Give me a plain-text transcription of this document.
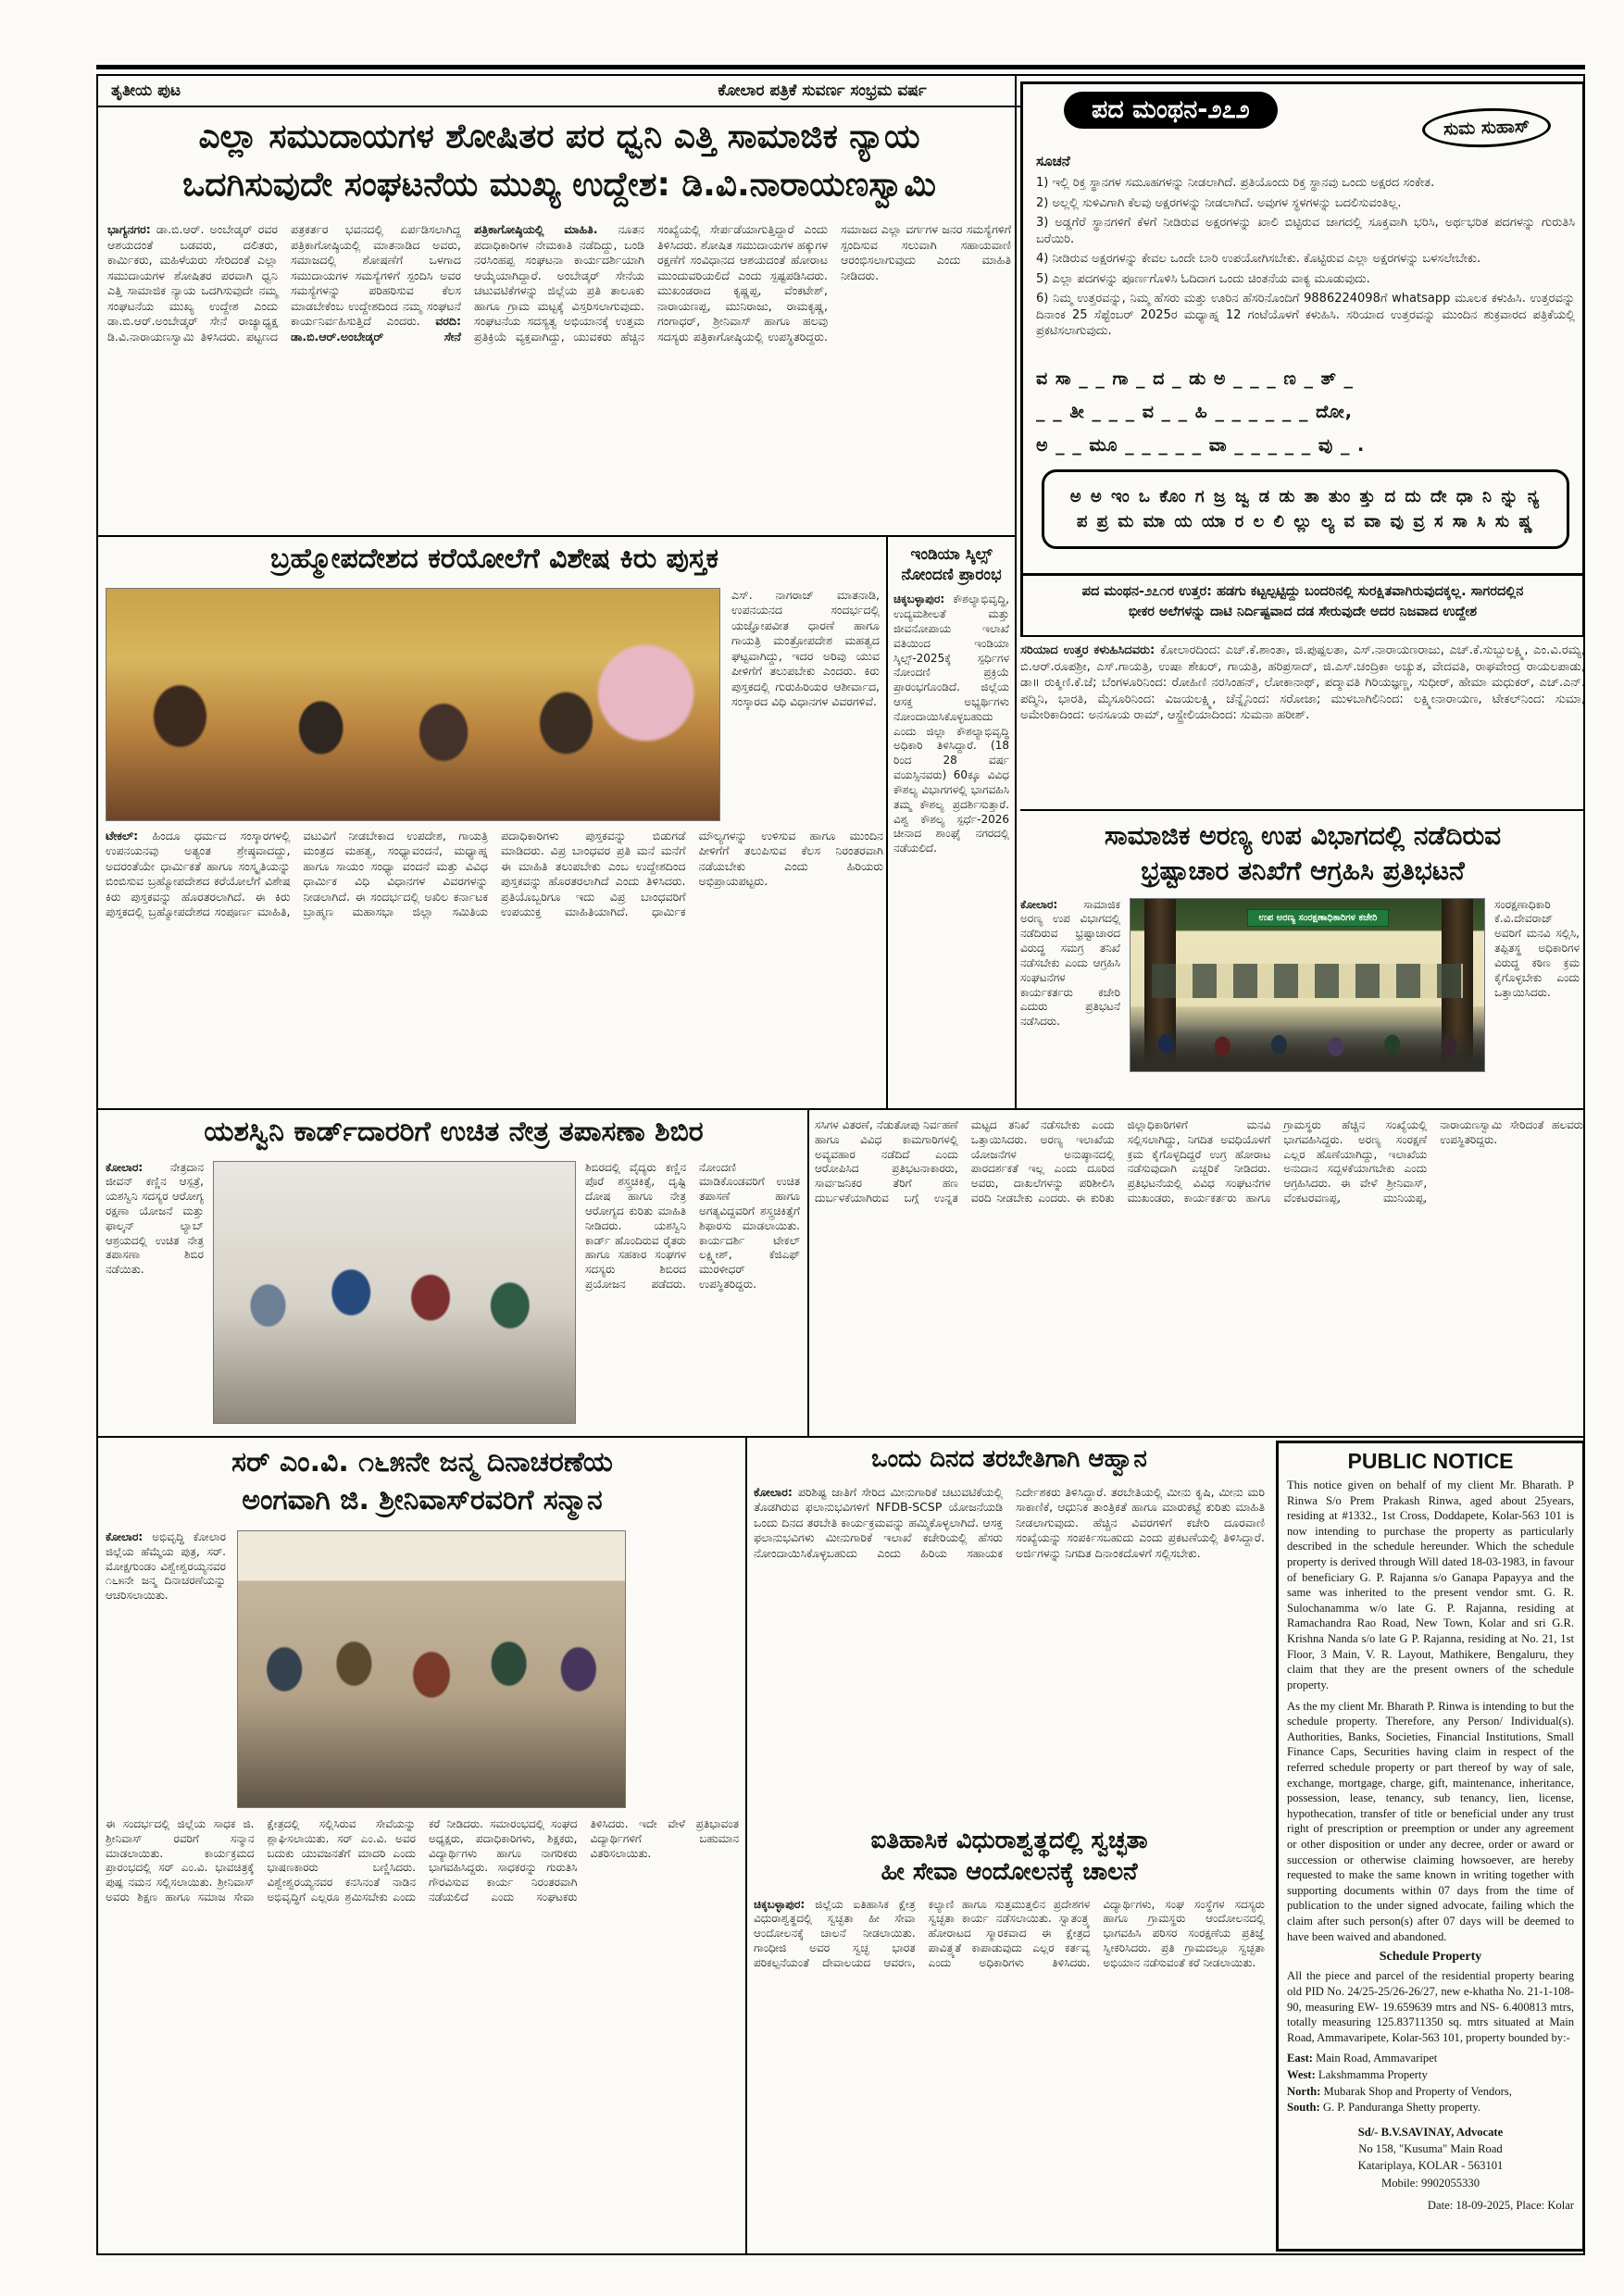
ತೃತೀಯ ಪುಟ	ಕೋಲಾರ ಪತ್ರಿಕೆ ಸುವರ್ಣ ಸಂಭ್ರಮ ವರ್ಷ
ಎಲ್ಲಾ ಸಮುದಾಯಗಳ ಶೋಷಿತರ ಪರ ಧ್ವನಿ ಎತ್ತಿ ಸಾಮಾಜಿಕ ನ್ಯಾಯ
ಒದಗಿಸುವುದೇ ಸಂಘಟನೆಯ ಮುಖ್ಯ ಉದ್ದೇಶ: ಡಿ.ವಿ.ನಾರಾಯಣಸ್ವಾಮಿ
ಭಾಗ್ಯನಗರ: ಡಾ.ಬಿ.ಆರ್. ಅಂಬೇಡ್ಕರ್ ರವರ ಆಶಯದಂತೆ ಬಡವರು, ದಲಿತರು, ಕಾರ್ಮಿಕರು, ಮಹಿಳೆಯರು ಸೇರಿದಂತೆ ಎಲ್ಲಾ ಸಮುದಾಯಗಳ ಶೋಷಿತರ ಪರವಾಗಿ ಧ್ವನಿ ಎತ್ತಿ ಸಾಮಾಜಿಕ ನ್ಯಾಯ ಒದಗಿಸುವುದೇ ನಮ್ಮ ಸಂಘಟನೆಯ ಮುಖ್ಯ ಉದ್ದೇಶ ಎಂದು ಡಾ.ಬಿ.ಆರ್.ಅಂಬೇಡ್ಕರ್ ಸೇನೆ ರಾಜ್ಯಾಧ್ಯಕ್ಷ ಡಿ.ವಿ.ನಾರಾಯಣಸ್ವಾಮಿ ತಿಳಿಸಿದರು. ಪಟ್ಟಣದ ಪತ್ರಕರ್ತರ ಭವನದಲ್ಲಿ ಏರ್ಪಡಿಸಲಾಗಿದ್ದ ಪತ್ರಿಕಾಗೋಷ್ಠಿಯಲ್ಲಿ ಮಾತನಾಡಿದ ಅವರು, ಸಮಾಜದಲ್ಲಿ ಶೋಷಣೆಗೆ ಒಳಗಾದ ಸಮುದಾಯಗಳ ಸಮಸ್ಯೆಗಳಿಗೆ ಸ್ಪಂದಿಸಿ ಅವರ ಸಮಸ್ಯೆಗಳನ್ನು ಪರಿಹರಿಸುವ ಕೆಲಸ ಮಾಡಬೇಕೆಂಬ ಉದ್ದೇಶದಿಂದ ನಮ್ಮ ಸಂಘಟನೆ ಕಾರ್ಯನಿರ್ವಹಿಸುತ್ತಿದೆ ಎಂದರು. ವರದಿ: ಡಾ.ಬಿ.ಆರ್.ಅಂಬೇಡ್ಕರ್ ಸೇನೆ ಪತ್ರಿಕಾಗೋಷ್ಠಿಯಲ್ಲಿ ಮಾಹಿತಿ. ನೂತನ ಪದಾಧಿಕಾರಿಗಳ ನೇಮಕಾತಿ ನಡೆದಿದ್ದು, ಬಂಡಿ ನರಸಿಂಹಪ್ಪ ಸಂಘಟನಾ ಕಾರ್ಯದರ್ಶಿಯಾಗಿ ಆಯ್ಕೆಯಾಗಿದ್ದಾರೆ. ಅಂಬೇಡ್ಕರ್ ಸೇನೆಯ ಚಟುವಟಿಕೆಗಳನ್ನು ಜಿಲ್ಲೆಯ ಪ್ರತಿ ತಾಲೂಕು ಹಾಗೂ ಗ್ರಾಮ ಮಟ್ಟಕ್ಕೆ ವಿಸ್ತರಿಸಲಾಗುವುದು. ಸಂಘಟನೆಯ ಸದಸ್ಯತ್ವ ಅಭಿಯಾನಕ್ಕೆ ಉತ್ತಮ ಪ್ರತಿಕ್ರಿಯೆ ವ್ಯಕ್ತವಾಗಿದ್ದು, ಯುವಕರು ಹೆಚ್ಚಿನ ಸಂಖ್ಯೆಯಲ್ಲಿ ಸೇರ್ಪಡೆಯಾಗುತ್ತಿದ್ದಾರೆ ಎಂದು ತಿಳಿಸಿದರು. ಶೋಷಿತ ಸಮುದಾಯಗಳ ಹಕ್ಕುಗಳ ರಕ್ಷಣೆಗೆ ಸಂವಿಧಾನದ ಆಶಯದಂತೆ ಹೋರಾಟ ಮುಂದುವರಿಯಲಿದೆ ಎಂದು ಸ್ಪಷ್ಟಪಡಿಸಿದರು. ಮುಖಂಡರಾದ ಕೃಷ್ಣಪ್ಪ, ವೆಂಕಟೇಶ್, ನಾರಾಯಣಪ್ಪ, ಮುನಿರಾಜು, ರಾಮಕೃಷ್ಣ, ಗಂಗಾಧರ್, ಶ್ರೀನಿವಾಸ್ ಹಾಗೂ ಹಲವು ಸದಸ್ಯರು ಪತ್ರಿಕಾಗೋಷ್ಠಿಯಲ್ಲಿ ಉಪಸ್ಥಿತರಿದ್ದರು. ಸಮಾಜದ ಎಲ್ಲಾ ವರ್ಗಗಳ ಜನರ ಸಮಸ್ಯೆಗಳಿಗೆ ಸ್ಪಂದಿಸುವ ಸಲುವಾಗಿ ಸಹಾಯವಾಣಿ ಆರಂಭಿಸಲಾಗುವುದು ಎಂದು ಮಾಹಿತಿ ನೀಡಿದರು.
ಪದ ಮಂಥನ-೨೭೨
ಸುಮ ಸುಹಾಸ್
ಸೂಚನೆ
1) ಇಲ್ಲಿ ರಿಕ್ತ ಸ್ಥಾನಗಳ ಸಮೂಹಗಳನ್ನು ನೀಡಲಾಗಿದೆ. ಪ್ರತಿಯೊಂದು ರಿಕ್ತ ಸ್ಥಾನವು ಒಂದು ಅಕ್ಷರದ ಸಂಕೇತ.
2) ಅಲ್ಲಲ್ಲಿ ಸುಳಿವಿಗಾಗಿ ಕೆಲವು ಅಕ್ಷರಗಳನ್ನು ನೀಡಲಾಗಿದೆ. ಅವುಗಳ ಸ್ಥಳಗಳನ್ನು ಬದಲಿಸುವಂತಿಲ್ಲ.
3) ಅಡ್ಡಗೆರೆ ಸ್ಥಾನಗಳಿಗೆ ಕೆಳಗೆ ನೀಡಿರುವ ಅಕ್ಷರಗಳನ್ನು ಖಾಲಿ ಬಿಟ್ಟಿರುವ ಜಾಗದಲ್ಲಿ ಸೂಕ್ತವಾಗಿ ಭರಿಸಿ, ಅರ್ಥಭರಿತ ಪದಗಳನ್ನು ಗುರುತಿಸಿ ಬರೆಯಿರಿ.
4) ನೀಡಿರುವ ಅಕ್ಷರಗಳನ್ನು ಕೇವಲ ಒಂದೇ ಬಾರಿ ಉಪಯೋಗಿಸಬೇಕು. ಕೊಟ್ಟಿರುವ ಎಲ್ಲಾ ಅಕ್ಷರಗಳನ್ನು ಬಳಸಲೇಬೇಕು.
5) ಎಲ್ಲಾ ಪದಗಳನ್ನು ಪೂರ್ಣಗೊಳಿಸಿ ಓದಿದಾಗ ಒಂದು ಚಿಂತನೆಯ ವಾಕ್ಯ ಮೂಡುವುದು.
6) ನಿಮ್ಮ ಉತ್ತರವನ್ನು, ನಿಮ್ಮ ಹೆಸರು ಮತ್ತು ಊರಿನ ಹೆಸರಿನೊಂದಿಗೆ 9886224098ಗೆ whatsapp ಮೂಲಕ ಕಳುಹಿಸಿ. ಉತ್ತರವನ್ನು ದಿನಾಂಕ 25 ಸೆಪ್ಟೆಂಬರ್ 2025ರ ಮಧ್ಯಾಹ್ನ 12 ಗಂಟೆಯೊಳಗೆ ಕಳುಹಿಸಿ. ಸರಿಯಾದ ಉತ್ತರವನ್ನು ಮುಂದಿನ ಶುಕ್ರವಾರದ ಪತ್ರಿಕೆಯಲ್ಲಿ ಪ್ರಕಟಿಸಲಾಗುವುದು.
ವ ಸಾ _ _ ಗಾ _ ದ _ ಡು ಅ _ _ _ ಣ _ ತ್ _
_ _ ತೀ _ _ _ ವ _ _ ಹಿ _ _ _ _ _ _ ದೋ,
ಅ _ _ ಮೂ _ _ _ _ _ ವಾ _ _ _ _ _ ವು _ .
ಅ ಅ ಇಂ ಒ ಕೊಂ ಗ ಜ್ರ ಜ್ವ ಡ ಡು ತಾ ತುಂ ತ್ತು ದ ದು ದೇ ಧಾ ನಿ ನ್ನು ನ್ಯ
ಪ ಪ್ರ ಮ ಮಾ ಯ ಯಾ ರ ಲ ಲಿ ಲ್ಲು ಲ್ಯ ವ ವಾ ವು ವ್ರ ಸ ಸಾ ಸಿ ಸು ಷ್ಣ
ಪದ ಮಂಥನ-೨೭೧ರ ಉತ್ತರ: ಹಡಗು ಕಟ್ಟಲ್ಪಟ್ಟಿದ್ದು ಬಂದರಿನಲ್ಲಿ ಸುರಕ್ಷಿತವಾಗಿರುವುದಕ್ಕಲ್ಲ. ಸಾಗರದಲ್ಲಿನ
ಭೀಕರ ಅಲೆಗಳನ್ನು ದಾಟಿ ನಿರ್ದಿಷ್ಟವಾದ ದಡ ಸೇರುವುದೇ ಅದರ ನಿಜವಾದ ಉದ್ದೇಶ
ಸರಿಯಾದ ಉತ್ತರ ಕಳುಹಿಸಿದವರು: ಕೋಲಾರದಿಂದ: ಎಚ್.ಕೆ.ಶಾಂತಾ, ಜಿ.ಪುಷ್ಪಲತಾ, ಎಸ್.ನಾರಾಯಣರಾಜು, ಎಚ್.ಕೆ.ಸುಬ್ಬುಲಕ್ಷ್ಮಿ, ಎಂ.ವಿ.ರಮ್ಯ, ಬಿ.ಆರ್.ರೂಪಶ್ರೀ, ಎಸ್.ಗಾಯತ್ರಿ, ಉಷಾ ಶೇಖರ್, ಗಾಯತ್ರಿ, ಹರಿಪ್ರಸಾದ್, ಜಿ.ಎಸ್.ಚಂದ್ರಿಕಾ ಅಚ್ಯುತ, ವೇದವತಿ, ರಾಘವೇಂದ್ರ ರಾಯಲಪಾಡು, ಡಾ॥ ರುಕ್ಮಿಣಿ.ಕೆ.ಜೆ; ಬೆಂಗಳೂರಿನಿಂದ: ರೋಹಿಣಿ ನರಸಿಂಹನ್, ಲೋಕಾನಾಥ್, ಪದ್ಮಾವತಿ ಗಿರಿಯಜ್ಞಣ್ಣ, ಸುಧೀರ್, ಹೇಮಾ ಮಧುಕರ್, ಎಚ್.ಎನ್. ಪದ್ಮಿನಿ, ಭಾರತಿ, ಮೈಸೂರಿನಿಂದ: ವಿಜಯಲಕ್ಷ್ಮಿ, ಚೆನ್ನೈನಿಂದ: ಸರೋಜಾ; ಮುಳಬಾಗಿಲಿನಿಂದ: ಲಕ್ಷ್ಮೀನಾರಾಯಣ, ಟೇಕಲ್‌ನಿಂದ: ಸುಮಾ, ಅಮೇರಿಕಾದಿಂದ: ಅನಸೂಯ ರಾಮ್, ಆಸ್ಟ್ರೇಲಿಯಾದಿಂದ: ಸುಮನಾ ಹರೀಶ್.
ಬ್ರಹ್ಮೋಪದೇಶದ ಕರೆಯೋಲೆಗೆ ವಿಶೇಷ ಕಿರು ಪುಸ್ತಕ
ಎಸ್. ನಾಗರಾಜ್ ಮಾತನಾಡಿ, ಉಪನಯನದ ಸಂದರ್ಭದಲ್ಲಿ ಯಜ್ಞೋಪವೀತ ಧಾರಣೆ ಹಾಗೂ ಗಾಯತ್ರಿ ಮಂತ್ರೋಪದೇಶ ಮಹತ್ವದ ಘಟ್ಟವಾಗಿದ್ದು, ಇದರ ಅರಿವು ಯುವ ಪೀಳಿಗೆಗೆ ತಲುಪಬೇಕು ಎಂದರು. ಕಿರು ಪುಸ್ತಕದಲ್ಲಿ ಗುರುಹಿರಿಯರ ಆಶೀರ್ವಾದ, ಸಂಸ್ಕಾರದ ವಿಧಿ ವಿಧಾನಗಳ ವಿವರಗಳಿವೆ.
ಟೇಕಲ್: ಹಿಂದೂ ಧರ್ಮದ ಸಂಸ್ಕಾರಗಳಲ್ಲಿ ಉಪನಯನವು ಅತ್ಯಂತ ಶ್ರೇಷ್ಠವಾದದ್ದು, ಅದರಂತೆಯೇ ಧಾರ್ಮಿಕತೆ ಹಾಗೂ ಸಂಸ್ಕೃತಿಯನ್ನು ಬಿಂಬಿಸುವ ಬ್ರಹ್ಮೋಪದೇಶದ ಕರೆಯೋಲೆಗೆ ವಿಶೇಷ ಕಿರು ಪುಸ್ತಕವನ್ನು ಹೊರತರಲಾಗಿದೆ. ಈ ಕಿರು ಪುಸ್ತಕದಲ್ಲಿ ಬ್ರಹ್ಮೋಪದೇಶದ ಸಂಪೂರ್ಣ ಮಾಹಿತಿ, ವಟುವಿಗೆ ನೀಡಬೇಕಾದ ಉಪದೇಶ, ಗಾಯತ್ರಿ ಮಂತ್ರದ ಮಹತ್ವ, ಸಂಧ್ಯಾವಂದನೆ, ಮಧ್ಯಾಹ್ನ ಹಾಗೂ ಸಾಯಂ ಸಂಧ್ಯಾ ವಂದನೆ ಮತ್ತು ವಿವಿಧ ಧಾರ್ಮಿಕ ವಿಧಿ ವಿಧಾನಗಳ ವಿವರಗಳನ್ನು ನೀಡಲಾಗಿದೆ. ಈ ಸಂದರ್ಭದಲ್ಲಿ ಅಖಿಲ ಕರ್ನಾಟಕ ಬ್ರಾಹ್ಮಣ ಮಹಾಸಭಾ ಜಿಲ್ಲಾ ಸಮಿತಿಯ ಪದಾಧಿಕಾರಿಗಳು ಪುಸ್ತಕವನ್ನು ಬಿಡುಗಡೆ ಮಾಡಿದರು. ವಿಪ್ರ ಬಾಂಧವರ ಪ್ರತಿ ಮನೆ ಮನೆಗೆ ಈ ಮಾಹಿತಿ ತಲುಪಬೇಕು ಎಂಬ ಉದ್ದೇಶದಿಂದ ಪುಸ್ತಕವನ್ನು ಹೊರತರಲಾಗಿದೆ ಎಂದು ತಿಳಿಸಿದರು. ಪ್ರತಿಯೊಬ್ಬರಿಗೂ ಇದು ವಿಪ್ರ ಬಾಂಧವರಿಗೆ ಉಪಯುಕ್ತ ಮಾಹಿತಿಯಾಗಿದೆ. ಧಾರ್ಮಿಕ ಮೌಲ್ಯಗಳನ್ನು ಉಳಿಸುವ ಹಾಗೂ ಮುಂದಿನ ಪೀಳಿಗೆಗೆ ತಲುಪಿಸುವ ಕೆಲಸ ನಿರಂತರವಾಗಿ ನಡೆಯಬೇಕು ಎಂದು ಹಿರಿಯರು ಅಭಿಪ್ರಾಯಪಟ್ಟರು.
ಇಂಡಿಯಾ ಸ್ಕಿಲ್ಸ್
ನೋಂದಣಿ ಪ್ರಾರಂಭ
ಚಿಕ್ಕಬಳ್ಳಾಪುರ: ಕೌಶಲ್ಯಾಭಿವೃದ್ಧಿ, ಉದ್ಯಮಶೀಲತೆ ಮತ್ತು ಜೀವನೋಪಾಯ ಇಲಾಖೆ ವತಿಯಿಂದ ಇಂಡಿಯಾ ಸ್ಕಿಲ್ಸ್-2025ಕ್ಕೆ ಸ್ಪರ್ಧಿಗಳ ನೋಂದಣಿ ಪ್ರಕ್ರಿಯೆ ಪ್ರಾರಂಭಗೊಂಡಿದೆ. ಜಿಲ್ಲೆಯ ಆಸಕ್ತ ಅಭ್ಯರ್ಥಿಗಳು ನೋಂದಾಯಿಸಿಕೊಳ್ಳಬಹುದು ಎಂದು ಜಿಲ್ಲಾ ಕೌಶಲ್ಯಾಭಿವೃದ್ಧಿ ಅಧಿಕಾರಿ ತಿಳಿಸಿದ್ದಾರೆ. (18 ರಿಂದ 28 ವರ್ಷ ವಯಸ್ಸಿನವರು) 60ಕ್ಕೂ ವಿವಿಧ ಕೌಶಲ್ಯ ವಿಭಾಗಗಳಲ್ಲಿ ಭಾಗವಹಿಸಿ ತಮ್ಮ ಕೌಶಲ್ಯ ಪ್ರದರ್ಶಿಸುತ್ತಾರೆ. ವಿಶ್ವ ಕೌಶಲ್ಯ ಸ್ಪರ್ಧೆ-2026 ಚೀನಾದ ಶಾಂಘೈ ನಗರದಲ್ಲಿ ನಡೆಯಲಿದೆ.	ಸಾಮಾಜಿಕ ಅರಣ್ಯ ಉಪ ವಿಭಾಗದಲ್ಲಿ ನಡೆದಿರುವ
ಭ್ರಷ್ಟಾಚಾರ ತನಿಖೆಗೆ ಆಗ್ರಹಿಸಿ ಪ್ರತಿಭಟನೆ
ಕೋಲಾರ: ಸಾಮಾಜಿಕ ಅರಣ್ಯ ಉಪ ವಿಭಾಗದಲ್ಲಿ ನಡೆದಿರುವ ಭ್ರಷ್ಟಾಚಾರದ ವಿರುದ್ಧ ಸಮಗ್ರ ತನಿಖೆ ನಡೆಸಬೇಕು ಎಂದು ಆಗ್ರಹಿಸಿ ಸಂಘಟನೆಗಳ ಕಾರ್ಯಕರ್ತರು ಕಚೇರಿ ಎದುರು ಪ್ರತಿಭಟನೆ ನಡೆಸಿದರು.
ಉಪ ಅರಣ್ಯ ಸಂರಕ್ಷಣಾಧಿಕಾರಿಗಳ ಕಚೇರಿ
ಸಂರಕ್ಷಣಾಧಿಕಾರಿ ಕೆ.ವಿ.ದೇವರಾಜ್ ಅವರಿಗೆ ಮನವಿ ಸಲ್ಲಿಸಿ, ತಪ್ಪಿತಸ್ಥ ಅಧಿಕಾರಿಗಳ ವಿರುದ್ಧ ಕಠಿಣ ಕ್ರಮ ಕೈಗೊಳ್ಳಬೇಕು ಎಂದು ಒತ್ತಾಯಿಸಿದರು.
ಯಶಸ್ವಿನಿ ಕಾರ್ಡ್‌ದಾರರಿಗೆ ಉಚಿತ ನೇತ್ರ ತಪಾಸಣಾ ಶಿಬಿರ
ಕೋಲಾರ: ನೇತ್ರದಾನ ಜೀವನ್ ಕಣ್ಣಿನ ಆಸ್ಪತ್ರೆ, ಯಶಸ್ವಿನಿ ಸದಸ್ಯರ ಆರೋಗ್ಯ ರಕ್ಷಣಾ ಯೋಜನೆ ಮತ್ತು ಫಾಲ್ಕನ್ ಲ್ಯಾಬ್ ಆಶ್ರಯದಲ್ಲಿ ಉಚಿತ ನೇತ್ರ ತಪಾಸಣಾ ಶಿಬಿರ ನಡೆಯಿತು.
ಶಿಬಿರದಲ್ಲಿ ವೈದ್ಯರು ಕಣ್ಣಿನ ಪೊರೆ ಶಸ್ತ್ರಚಿಕಿತ್ಸೆ, ದೃಷ್ಟಿ ದೋಷ ಹಾಗೂ ನೇತ್ರ ಆರೋಗ್ಯದ ಕುರಿತು ಮಾಹಿತಿ ನೀಡಿದರು. ಯಶಸ್ವಿನಿ ಕಾರ್ಡ್ ಹೊಂದಿರುವ ರೈತರು ಹಾಗೂ ಸಹಕಾರ ಸಂಘಗಳ ಸದಸ್ಯರು ಶಿಬಿರದ ಪ್ರಯೋಜನ ಪಡೆದರು. ನೋಂದಣಿ ಮಾಡಿಕೊಂಡವರಿಗೆ ಉಚಿತ ತಪಾಸಣೆ ಹಾಗೂ ಅಗತ್ಯವಿದ್ದವರಿಗೆ ಶಸ್ತ್ರಚಿಕಿತ್ಸೆಗೆ ಶಿಫಾರಸು ಮಾಡಲಾಯಿತು. ಕಾರ್ಯದರ್ಶಿ ಟೇಕಲ್ ಲಕ್ಷ್ಮೀಶ್, ಕೆಜಿಎಫ್ ಮುರಳೀಧರ್ ಉಪಸ್ಥಿತರಿದ್ದರು.
ಸಸಿಗಳ ವಿತರಣೆ, ನೆಡುತೋಪು ನಿರ್ವಹಣೆ ಹಾಗೂ ವಿವಿಧ ಕಾಮಗಾರಿಗಳಲ್ಲಿ ಅವ್ಯವಹಾರ ನಡೆದಿದೆ ಎಂದು ಆರೋಪಿಸಿದ ಪ್ರತಿಭಟನಾಕಾರರು, ಸಾರ್ವಜನಿಕರ ತೆರಿಗೆ ಹಣ ದುರ್ಬಳಕೆಯಾಗಿರುವ ಬಗ್ಗೆ ಉನ್ನತ ಮಟ್ಟದ ತನಿಖೆ ನಡೆಸಬೇಕು ಎಂದು ಒತ್ತಾಯಿಸಿದರು. ಅರಣ್ಯ ಇಲಾಖೆಯ ಯೋಜನೆಗಳ ಅನುಷ್ಠಾನದಲ್ಲಿ ಪಾರದರ್ಶಕತೆ ಇಲ್ಲ ಎಂದು ದೂರಿದ ಅವರು, ದಾಖಲೆಗಳನ್ನು ಪರಿಶೀಲಿಸಿ ವರದಿ ನೀಡಬೇಕು ಎಂದರು. ಈ ಕುರಿತು ಜಿಲ್ಲಾಧಿಕಾರಿಗಳಿಗೆ ಮನವಿ ಸಲ್ಲಿಸಲಾಗಿದ್ದು, ನಿಗದಿತ ಅವಧಿಯೊಳಗೆ ಕ್ರಮ ಕೈಗೊಳ್ಳದಿದ್ದರೆ ಉಗ್ರ ಹೋರಾಟ ನಡೆಸುವುದಾಗಿ ಎಚ್ಚರಿಕೆ ನೀಡಿದರು. ಪ್ರತಿಭಟನೆಯಲ್ಲಿ ವಿವಿಧ ಸಂಘಟನೆಗಳ ಮುಖಂಡರು, ಕಾರ್ಯಕರ್ತರು ಹಾಗೂ ಗ್ರಾಮಸ್ಥರು ಹೆಚ್ಚಿನ ಸಂಖ್ಯೆಯಲ್ಲಿ ಭಾಗವಹಿಸಿದ್ದರು. ಅರಣ್ಯ ಸಂರಕ್ಷಣೆ ಎಲ್ಲರ ಹೊಣೆಯಾಗಿದ್ದು, ಇಲಾಖೆಯ ಅನುದಾನ ಸದ್ಬಳಕೆಯಾಗಬೇಕು ಎಂದು ಆಗ್ರಹಿಸಿದರು. ಈ ವೇಳೆ ಶ್ರೀನಿವಾಸ್, ವೆಂಕಟರವಣಪ್ಪ, ಮುನಿಯಪ್ಪ, ನಾರಾಯಣಸ್ವಾಮಿ ಸೇರಿದಂತೆ ಹಲವರು ಉಪಸ್ಥಿತರಿದ್ದರು.
ಸರ್ ಎಂ.ವಿ. ೧೬೫ನೇ ಜನ್ಮ ದಿನಾಚರಣೆಯ
ಅಂಗವಾಗಿ ಜಿ. ಶ್ರೀನಿವಾಸ್‌ರವರಿಗೆ ಸನ್ಮಾನ
ಕೋಲಾರ: ಅಭಿವೃದ್ಧಿ ಕೋಲಾರ ಜಿಲ್ಲೆಯ ಹೆಮ್ಮೆಯ ಪುತ್ರ, ಸರ್. ಮೋಕ್ಷಗುಂಡಂ ವಿಶ್ವೇಶ್ವರಯ್ಯನವರ ೧೬೫ನೇ ಜನ್ಮ ದಿನಾಚರಣೆಯನ್ನು ಆಚರಿಸಲಾಯಿತು.
ಈ ಸಂದರ್ಭದಲ್ಲಿ ಜಿಲ್ಲೆಯ ಸಾಧಕ ಜಿ. ಶ್ರೀನಿವಾಸ್ ರವರಿಗೆ ಸನ್ಮಾನ ಮಾಡಲಾಯಿತು. ಕಾರ್ಯಕ್ರಮದ ಪ್ರಾರಂಭದಲ್ಲಿ ಸರ್ ಎಂ.ವಿ. ಭಾವಚಿತ್ರಕ್ಕೆ ಪುಷ್ಪ ನಮನ ಸಲ್ಲಿಸಲಾಯಿತು. ಶ್ರೀನಿವಾಸ್ ಅವರು ಶಿಕ್ಷಣ ಹಾಗೂ ಸಮಾಜ ಸೇವಾ ಕ್ಷೇತ್ರದಲ್ಲಿ ಸಲ್ಲಿಸಿರುವ ಸೇವೆಯನ್ನು ಶ್ಲಾಘಿಸಲಾಯಿತು. ಸರ್ ಎಂ.ವಿ. ಅವರ ಬದುಕು ಯುವಜನತೆಗೆ ಮಾದರಿ ಎಂದು ಭಾಷಣಕಾರರು ಬಣ್ಣಿಸಿದರು. ವಿಶ್ವೇಶ್ವರಯ್ಯನವರ ಕನಸಿನಂತೆ ನಾಡಿನ ಅಭಿವೃದ್ಧಿಗೆ ಎಲ್ಲರೂ ಶ್ರಮಿಸಬೇಕು ಎಂದು ಕರೆ ನೀಡಿದರು. ಸಮಾರಂಭದಲ್ಲಿ ಸಂಘದ ಅಧ್ಯಕ್ಷರು, ಪದಾಧಿಕಾರಿಗಳು, ಶಿಕ್ಷಕರು, ವಿದ್ಯಾರ್ಥಿಗಳು ಹಾಗೂ ನಾಗರಿಕರು ಭಾಗವಹಿಸಿದ್ದರು. ಸಾಧಕರನ್ನು ಗುರುತಿಸಿ ಗೌರವಿಸುವ ಕಾರ್ಯ ನಿರಂತರವಾಗಿ ನಡೆಯಲಿದೆ ಎಂದು ಸಂಘಟಕರು ತಿಳಿಸಿದರು. ಇದೇ ವೇಳೆ ಪ್ರತಿಭಾವಂತ ವಿದ್ಯಾರ್ಥಿಗಳಿಗೆ ಬಹುಮಾನ ವಿತರಿಸಲಾಯಿತು.
ಒಂದು ದಿನದ ತರಬೇತಿಗಾಗಿ ಆಹ್ವಾನ
ಕೋಲಾರ: ಪರಿಶಿಷ್ಟ ಜಾತಿಗೆ ಸೇರಿದ ಮೀನುಗಾರಿಕೆ ಚಟುವಟಿಕೆಯಲ್ಲಿ ತೊಡಗಿರುವ ಫಲಾನುಭವಿಗಳಿಗೆ NFDB-SCSP ಯೋಜನೆಯಡಿ ಒಂದು ದಿನದ ತರಬೇತಿ ಕಾರ್ಯಕ್ರಮವನ್ನು ಹಮ್ಮಿಕೊಳ್ಳಲಾಗಿದೆ. ಆಸಕ್ತ ಫಲಾನುಭವಿಗಳು ಮೀನುಗಾರಿಕೆ ಇಲಾಖೆ ಕಚೇರಿಯಲ್ಲಿ ಹೆಸರು ನೋಂದಾಯಿಸಿಕೊಳ್ಳಬಹುದು ಎಂದು ಹಿರಿಯ ಸಹಾಯಕ ನಿರ್ದೇಶಕರು ತಿಳಿಸಿದ್ದಾರೆ. ತರಬೇತಿಯಲ್ಲಿ ಮೀನು ಕೃಷಿ, ಮೀನು ಮರಿ ಸಾಕಾಣಿಕೆ, ಆಧುನಿಕ ತಾಂತ್ರಿಕತೆ ಹಾಗೂ ಮಾರುಕಟ್ಟೆ ಕುರಿತು ಮಾಹಿತಿ ನೀಡಲಾಗುವುದು. ಹೆಚ್ಚಿನ ವಿವರಗಳಿಗೆ ಕಚೇರಿ ದೂರವಾಣಿ ಸಂಖ್ಯೆಯನ್ನು ಸಂಪರ್ಕಿಸಬಹುದು ಎಂದು ಪ್ರಕಟಣೆಯಲ್ಲಿ ತಿಳಿಸಿದ್ದಾರೆ. ಅರ್ಜಿಗಳನ್ನು ನಿಗದಿತ ದಿನಾಂಕದೊಳಗೆ ಸಲ್ಲಿಸಬೇಕು.
ಐತಿಹಾಸಿಕ ವಿಧುರಾಶ್ವತ್ಥದಲ್ಲಿ ಸ್ವಚ್ಛತಾ
ಹೀ ಸೇವಾ ಆಂದೋಲನಕ್ಕೆ ಚಾಲನೆ
ಚಿಕ್ಕಬಳ್ಳಾಪುರ: ಜಿಲ್ಲೆಯ ಐತಿಹಾಸಿಕ ಕ್ಷೇತ್ರ ವಿಧುರಾಶ್ವತ್ಥದಲ್ಲಿ ಸ್ವಚ್ಛತಾ ಹೀ ಸೇವಾ ಆಂದೋಲನಕ್ಕೆ ಚಾಲನೆ ನೀಡಲಾಯಿತು. ಗಾಂಧೀಜಿ ಅವರ ಸ್ವಚ್ಛ ಭಾರತ ಪರಿಕಲ್ಪನೆಯಂತೆ ದೇವಾಲಯದ ಆವರಣ, ಕಲ್ಯಾಣಿ ಹಾಗೂ ಸುತ್ತಮುತ್ತಲಿನ ಪ್ರದೇಶಗಳ ಸ್ವಚ್ಛತಾ ಕಾರ್ಯ ನಡೆಸಲಾಯಿತು. ಸ್ವಾತಂತ್ರ್ಯ ಹೋರಾಟದ ಸ್ಮಾರಕವಾದ ಈ ಕ್ಷೇತ್ರದ ಪಾವಿತ್ರ್ಯತೆ ಕಾಪಾಡುವುದು ಎಲ್ಲರ ಕರ್ತವ್ಯ ಎಂದು ಅಧಿಕಾರಿಗಳು ತಿಳಿಸಿದರು. ವಿದ್ಯಾರ್ಥಿಗಳು, ಸಂಘ ಸಂಸ್ಥೆಗಳ ಸದಸ್ಯರು ಹಾಗೂ ಗ್ರಾಮಸ್ಥರು ಆಂದೋಲನದಲ್ಲಿ ಭಾಗವಹಿಸಿ ಪರಿಸರ ಸಂರಕ್ಷಣೆಯ ಪ್ರತಿಜ್ಞೆ ಸ್ವೀಕರಿಸಿದರು. ಪ್ರತಿ ಗ್ರಾಮದಲ್ಲೂ ಸ್ವಚ್ಛತಾ ಅಭಿಯಾನ ನಡೆಸುವಂತೆ ಕರೆ ನೀಡಲಾಯಿತು.
PUBLIC NOTICE

This notice given on behalf of my client Mr. Bharath. P Rinwa S/o Prem Prakash Rinwa, aged about 25years, residing at #1332., 1st Cross, Doddapete, Kolar-563 101 is now intending to purchase the property as particularly described in the schedule hereunder. Which the schedule property is derived through Will dated 18-03-1983, in favour of beneficiary G. P. Rajanna s/o Ganapa Papayya and the same was inherited to the present vendor smt. G. R. Sulochanamma w/o late G. P. Rajanna, residing at Ramachandra Rao Road, New Town, Kolar and sri G.R. Krishna Nanda s/o late G P. Rajanna, residing at No. 21, 1st Floor, 3 Main, V. R. Layout, Mathikere, Bengaluru, they claim that they are the present owners of the schedule property.

As the my client Mr. Bharath P. Rinwa is intending to but the schedule property. Therefore, any Person/ Individual(s). Authorities, Banks, Societies, Financial Institutions, Small Finance Caps, Securities having claim in respect of the referred schedule property or part thereof by way of sale, exchange, mortgage, charge, gift, maintenance, inheritance, possession, lease, tenancy, sub tenancy, lien, license, hypothecation, transfer of title or beneficial under any trust right of prescription or preemption or under any agreement or other disposition or under any decree, order or award or succession or otherwise claiming howsoever, are hereby requested to make the same known in writing together with supporting documents within 07 days from the time of publication to the under signed advocate, failing which the claim after such person(s) after 07 days will be deemed to have been waived and abandoned.

Schedule Property

All the piece and parcel of the residential property bearing old PID No. 24/25-25/26-26/27, new e-khatha No. 21-1-108-90, measuring EW- 19.659639 mtrs and NS- 6.400813 mtrs, totally measuring 125.83711350 sq. mtrs situated at Main Road, Ammavaripete, Kolar-563 101, property bounded by:-

East: Main Road, Ammavaripet
West: Lakshmamma Property
North: Mubarak Shop and Property of Vendors,
South: G. P. Panduranga Shetty property.
Sd/- B.V.SAVINAY, Advocate
No 158, "Kusuma" Main Road
Katariplaya, KOLAR - 563101
Mobile: 9902055330
Date: 18-09-2025, Place: Kolar
